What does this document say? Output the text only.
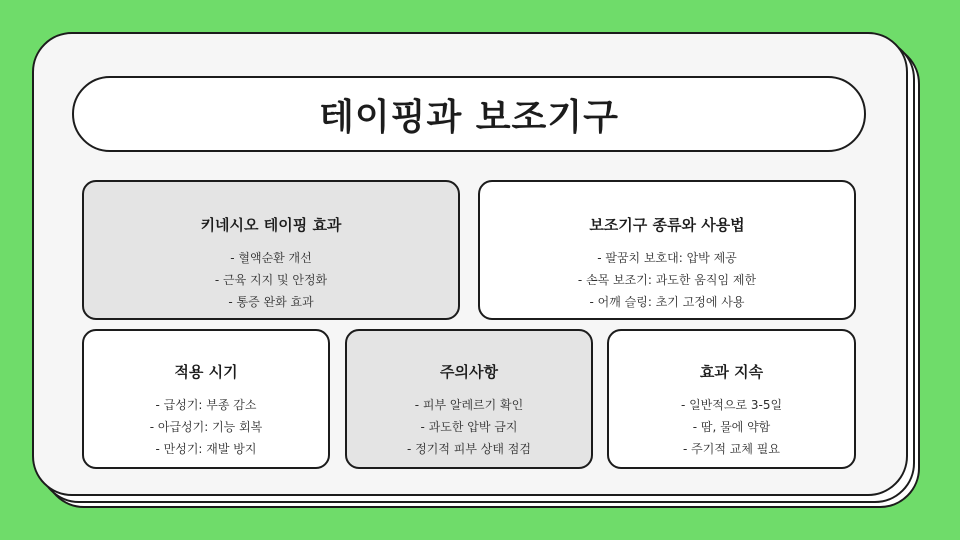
테이핑과 보조기구
키네시오 테이핑 효과
- 혈액순환 개선
- 근육 지지 및 안정화
- 통증 완화 효과
보조기구 종류와 사용법
- 팔꿈치 보호대: 압박 제공
- 손목 보조기: 과도한 움직임 제한
- 어깨 슬링: 초기 고정에 사용
적용 시기
- 급성기: 부종 감소
- 아급성기: 기능 회복
- 만성기: 재발 방지
주의사항
- 피부 알레르기 확인
- 과도한 압박 금지
- 정기적 피부 상태 점검
효과 지속
- 일반적으로 3-5일
- 땀, 물에 약함
- 주기적 교체 필요
